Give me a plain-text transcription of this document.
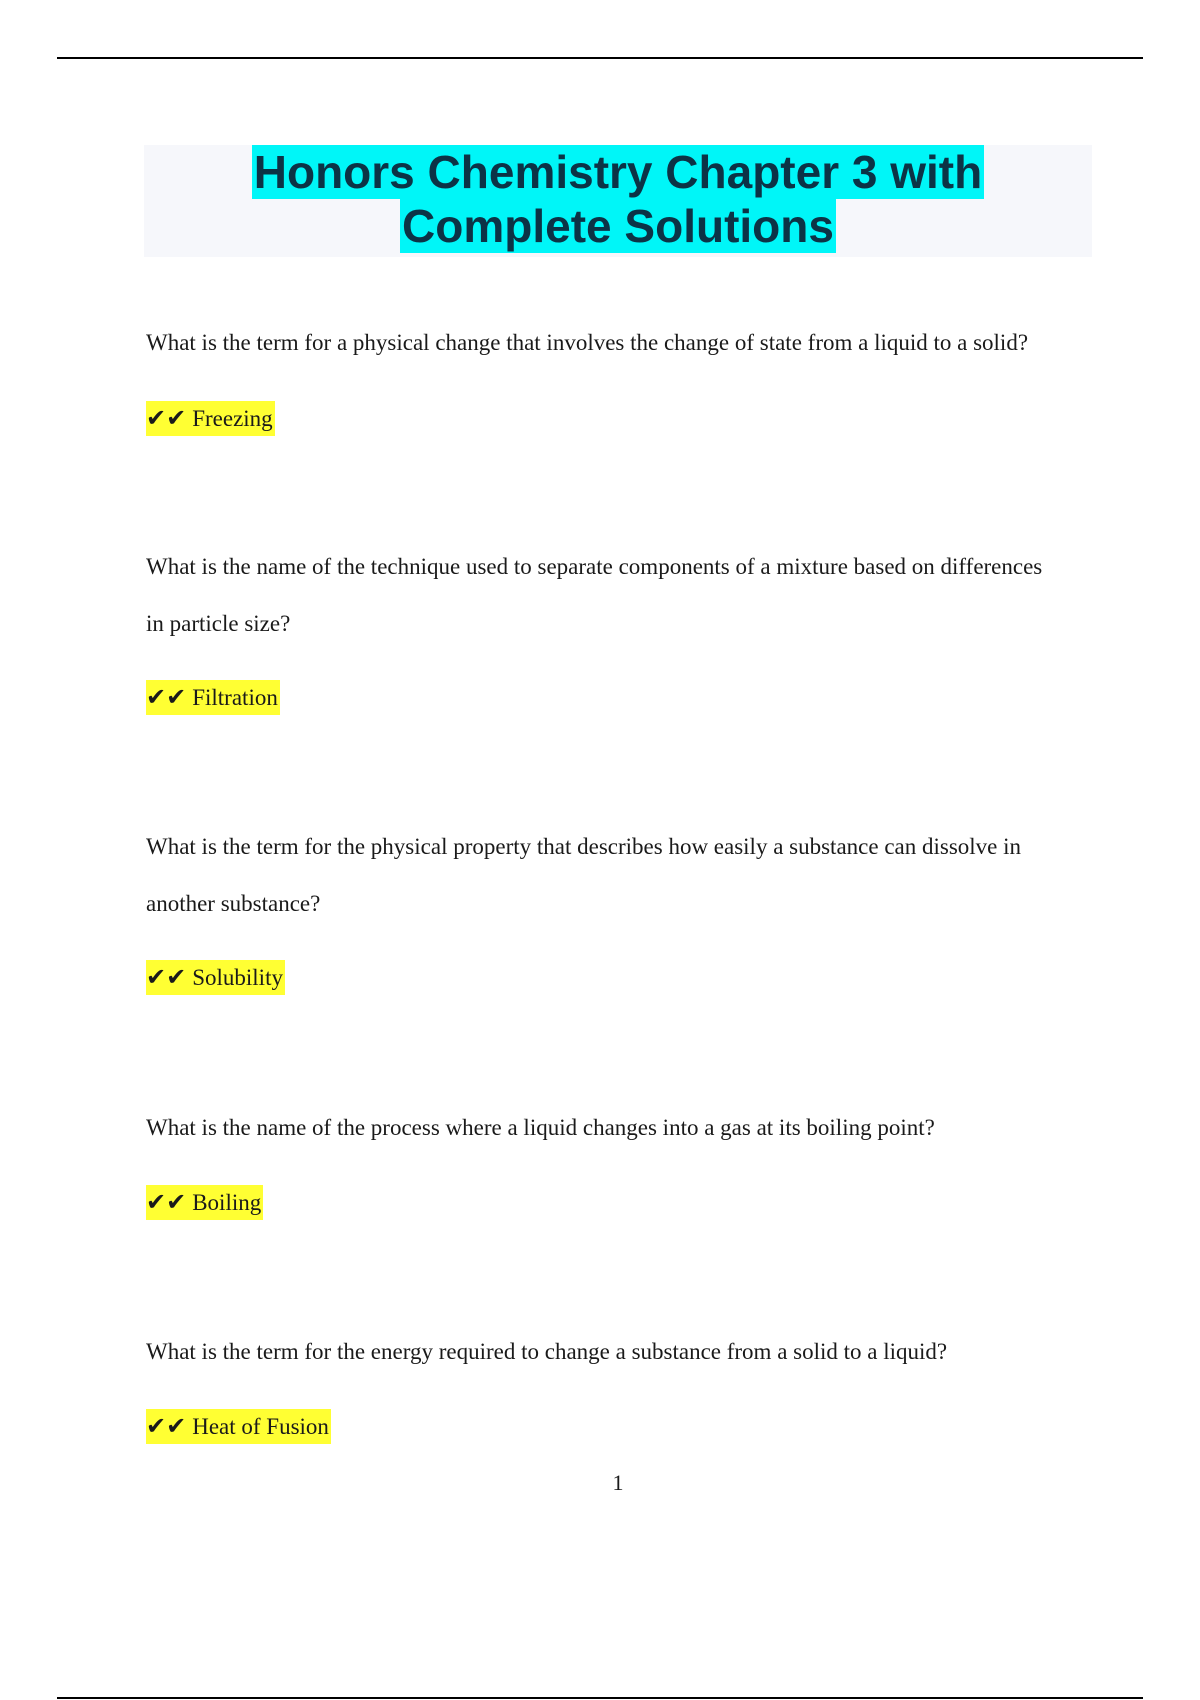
Honors Chemistry Chapter 3 with
Complete Solutions

What is the term for a physical change that involves the change of state from a liquid to a solid?

✔✔ Freezing

What is the name of the technique used to separate components of a mixture based on differences

in particle size?

✔✔ Filtration

What is the term for the physical property that describes how easily a substance can dissolve in

another substance?

✔✔ Solubility

What is the name of the process where a liquid changes into a gas at its boiling point?

✔✔ Boiling

What is the term for the energy required to change a substance from a solid to a liquid?

✔✔ Heat of Fusion
1
